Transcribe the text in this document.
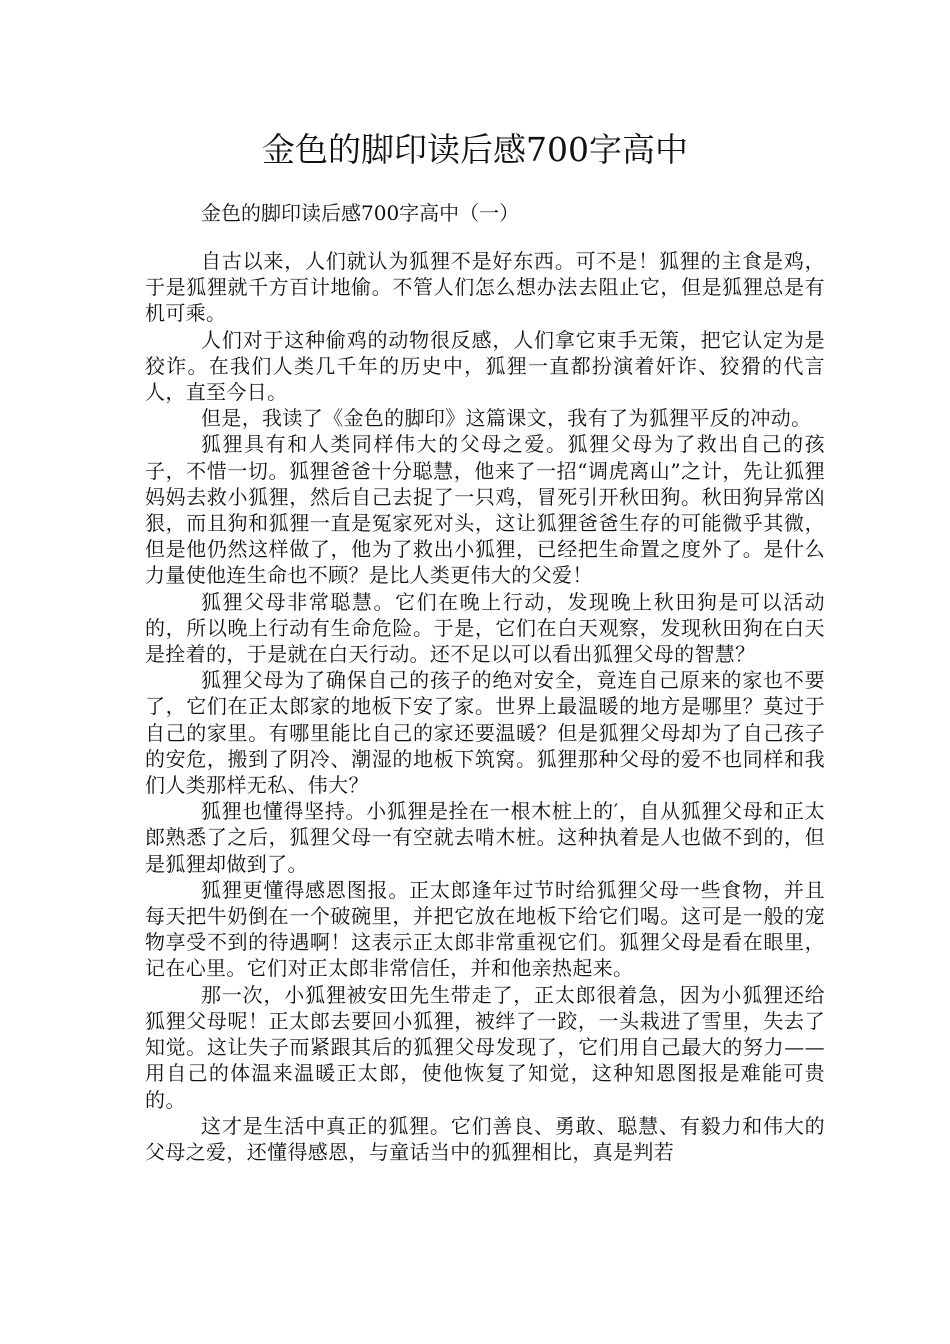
金色的脚印读后感700字高中
金色的脚印读后感700字高中（一）

自古以来，人们就认为狐狸不是好东西。可不是！狐狸的主食是鸡，于是狐狸就千方百计地偷。不管人们怎么想办法去阻止它，但是狐狸总是有机可乘。

人们对于这种偷鸡的动物很反感，人们拿它束手无策，把它认定为是狡诈。在我们人类几千年的历史中，狐狸一直都扮演着奸诈、狡猾的代言人，直至今日。

但是，我读了《金色的脚印》这篇课文，我有了为狐狸平反的冲动。

狐狸具有和人类同样伟大的父母之爱。狐狸父母为了救出自己的孩子，不惜一切。狐狸爸爸十分聪慧，他来了一招“调虎离山”之计，先让狐狸妈妈去救小狐狸，然后自己去捉了一只鸡，冒死引开秋田狗。秋田狗异常凶狠，而且狗和狐狸一直是冤家死对头，这让狐狸爸爸生存的可能微乎其微，但是他仍然这样做了，他为了救出小狐狸，已经把生命置之度外了。是什么力量使他连生命也不顾？是比人类更伟大的父爱！

狐狸父母非常聪慧。它们在晚上行动，发现晚上秋田狗是可以活动的，所以晚上行动有生命危险。于是，它们在白天观察，发现秋田狗在白天是拴着的，于是就在白天行动。还不足以可以看出狐狸父母的智慧？

狐狸父母为了确保自己的孩子的绝对安全，竟连自己原来的家也不要了，它们在正太郎家的地板下安了家。世界上最温暖的地方是哪里？莫过于自己的家里。有哪里能比自己的家还要温暖？但是狐狸父母却为了自己孩子的安危，搬到了阴冷、潮湿的地板下筑窝。狐狸那种父母的爱不也同样和我们人类那样无私、伟大？

狐狸也懂得坚持。小狐狸是拴在一根木桩上的′，自从狐狸父母和正太郎熟悉了之后，狐狸父母一有空就去啃木桩。这种执着是人也做不到的，但是狐狸却做到了。

狐狸更懂得感恩图报。正太郎逢年过节时给狐狸父母一些食物，并且每天把牛奶倒在一个破碗里，并把它放在地板下给它们喝。这可是一般的宠物享受不到的待遇啊！这表示正太郎非常重视它们。狐狸父母是看在眼里，记在心里。它们对正太郎非常信任，并和他亲热起来。

那一次，小狐狸被安田先生带走了，正太郎很着急，因为小狐狸还给狐狸父母呢！正太郎去要回小狐狸，被绊了一跤，一头栽进了雪里，失去了知觉。这让失子而紧跟其后的狐狸父母发现了，它们用自己最大的努力——用自己的体温来温暖正太郎，使他恢复了知觉，这种知恩图报是难能可贵的。

这才是生活中真正的狐狸。它们善良、勇敢、聪慧、有毅力和伟大的父母之爱，还懂得感恩，与童话当中的狐狸相比，真是判若
